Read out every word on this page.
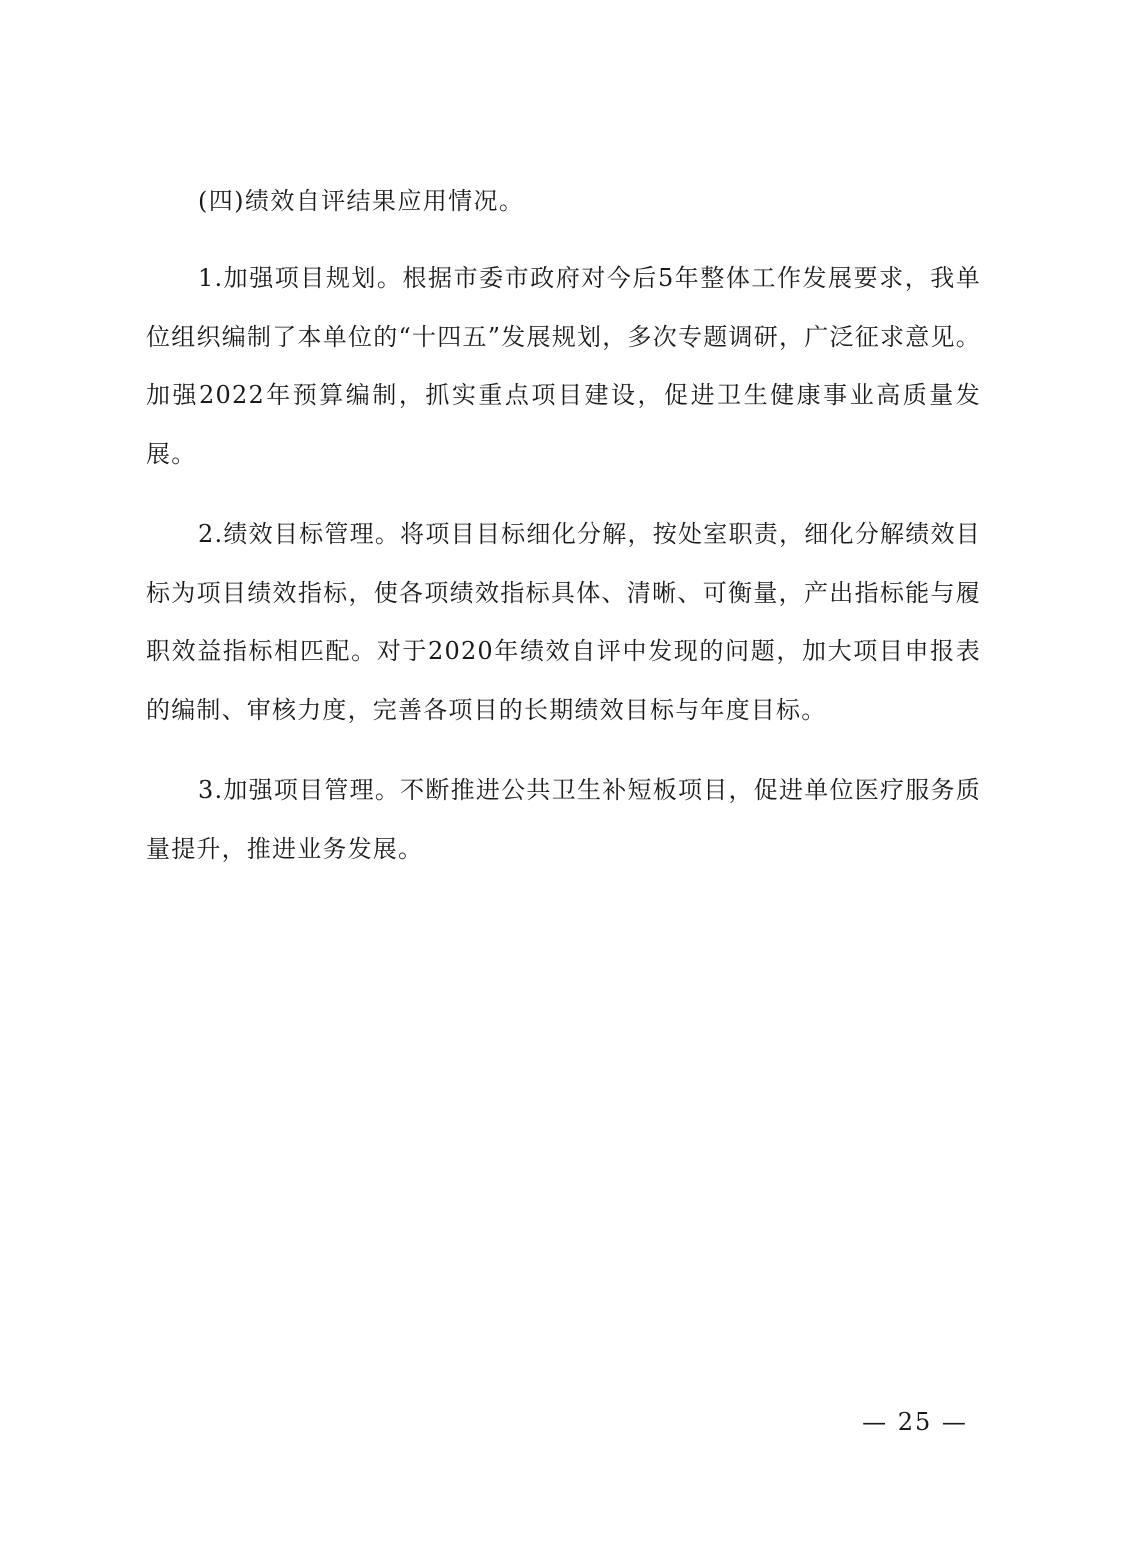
(四)绩效自评结果应用情况。

1.加强项目规划。根据市委市政府对今后5年整体工作发展要求，我单位组织编制了本单位的“十四五”发展规划，多次专题调研，广泛征求意见。加强2022年预算编制，抓实重点项目建设，促进卫生健康事业高质量发展。

2.绩效目标管理。将项目目标细化分解，按处室职责，细化分解绩效目标为项目绩效指标，使各项绩效指标具体、清晰、可衡量，产出指标能与履职效益指标相匹配。对于2020年绩效自评中发现的问题，加大项目申报表的编制、审核力度，完善各项目的长期绩效目标与年度目标。

3.加强项目管理。不断推进公共卫生补短板项目，促进单位医疗服务质量提升，推进业务发展。

— 25 —
